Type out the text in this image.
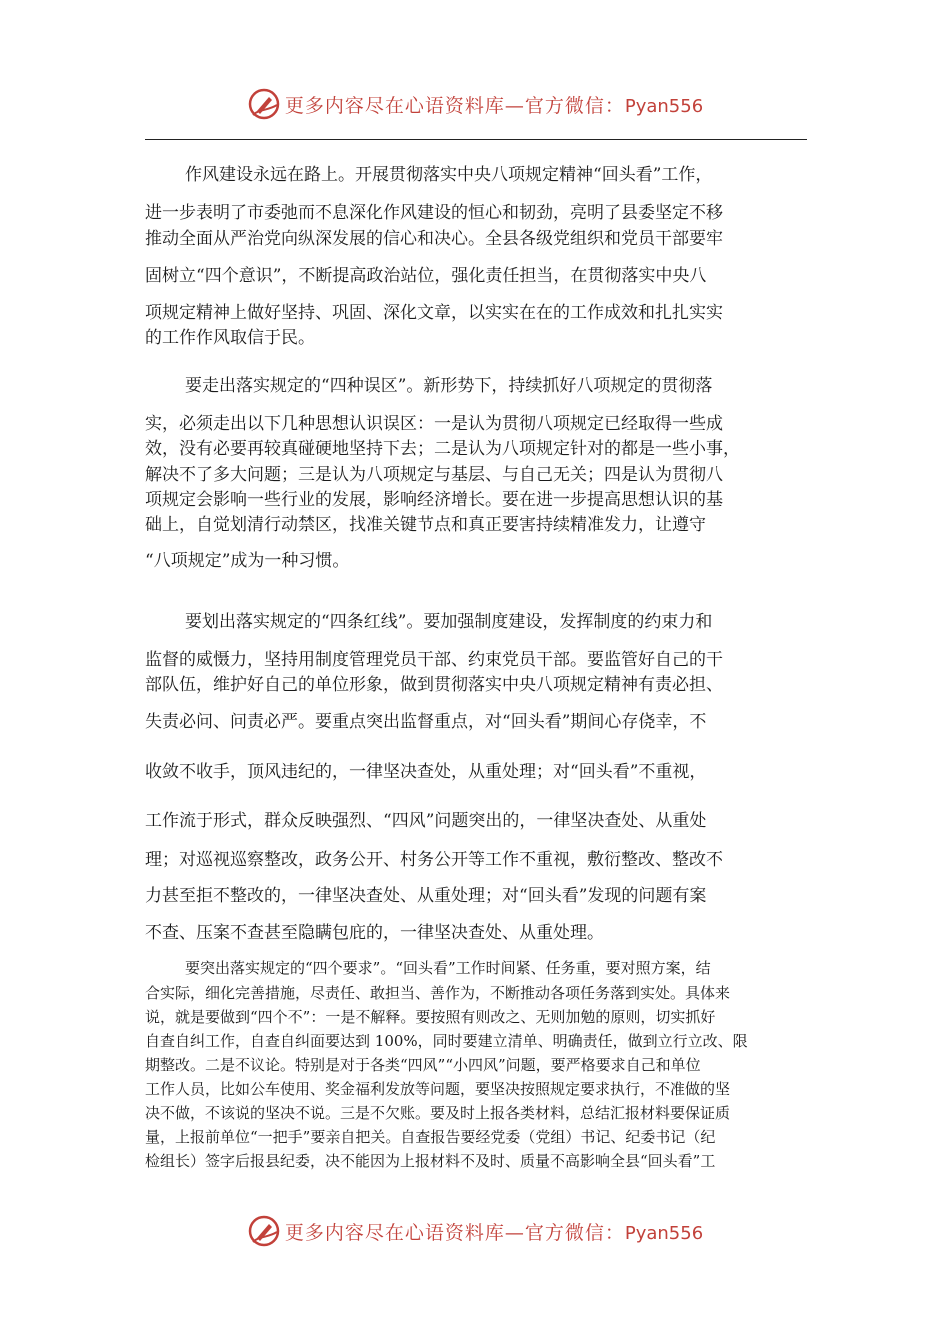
更多内容尽在心语资料库—官方微信：Pyan556
作风建设永远在路上。开展贯彻落实中央八项规定精神“回头看”工作，
进一步表明了市委弛而不息深化作风建设的恒心和韧劲，亮明了县委坚定不移
推动全面从严治党向纵深发展的信心和决心。全县各级党组织和党员干部要牢
固树立“四个意识”，不断提高政治站位，强化责任担当，在贯彻落实中央八
项规定精神上做好坚持、巩固、深化文章，以实实在在的工作成效和扎扎实实
的工作作风取信于民。
要走出落实规定的“四种误区”。新形势下，持续抓好八项规定的贯彻落
实，必须走出以下几种思想认识误区：一是认为贯彻八项规定已经取得一些成
效，没有必要再较真碰硬地坚持下去；二是认为八项规定针对的都是一些小事，
解决不了多大问题；三是认为八项规定与基层、与自己无关；四是认为贯彻八
项规定会影响一些行业的发展，影响经济增长。要在进一步提高思想认识的基
础上，自觉划清行动禁区，找准关键节点和真正要害持续精准发力，让遵守
“八项规定”成为一种习惯。
要划出落实规定的“四条红线”。要加强制度建设，发挥制度的约束力和
监督的威慑力，坚持用制度管理党员干部、约束党员干部。要监管好自己的干
部队伍，维护好自己的单位形象，做到贯彻落实中央八项规定精神有责必担、
失责必问、问责必严。要重点突出监督重点，对“回头看”期间心存侥幸，不
收敛不收手，顶风违纪的，一律坚决查处，从重处理；对“回头看”不重视，
工作流于形式，群众反映强烈、“四风”问题突出的，一律坚决查处、从重处
理；对巡视巡察整改，政务公开、村务公开等工作不重视，敷衍整改、整改不
力甚至拒不整改的，一律坚决查处、从重处理；对“回头看”发现的问题有案
不查、压案不查甚至隐瞒包庇的，一律坚决查处、从重处理。
要突出落实规定的“四个要求”。“回头看”工作时间紧、任务重，要对照方案，结
合实际，细化完善措施，尽责任、敢担当、善作为，不断推动各项任务落到实处。具体来
说，就是要做到“四个不”：一是不解释。要按照有则改之、无则加勉的原则，切实抓好
自查自纠工作，自查自纠面要达到 100%，同时要建立清单、明确责任，做到立行立改、限
期整改。二是不议论。特别是对于各类“四风”“小四风”问题，要严格要求自己和单位
工作人员，比如公车使用、奖金福利发放等问题，要坚决按照规定要求执行，不准做的坚
决不做，不该说的坚决不说。三是不欠账。要及时上报各类材料，总结汇报材料要保证质
量，上报前单位“一把手”要亲自把关。自查报告要经党委（党组）书记、纪委书记（纪
检组长）签字后报县纪委，决不能因为上报材料不及时、质量不高影响全县“回头看”工
更多内容尽在心语资料库—官方微信：Pyan556
